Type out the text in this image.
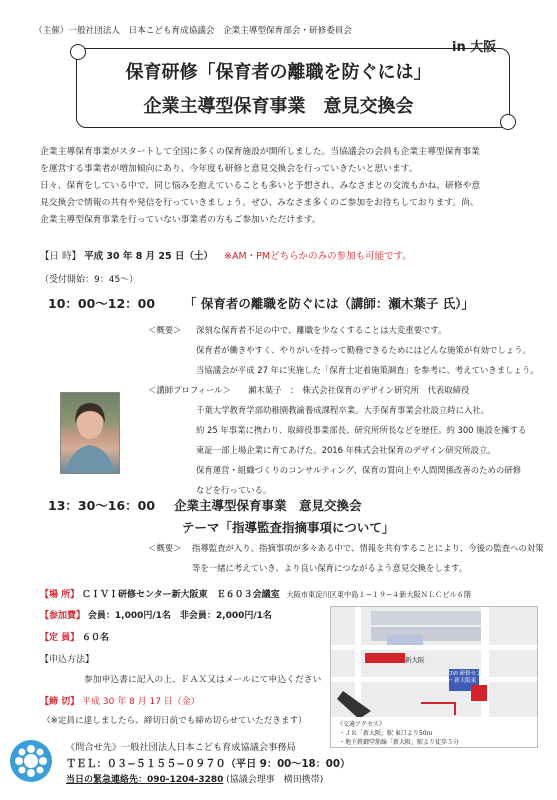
（主催）一般社団法人　日本こども育成協議会　企業主導型保育部会・研修委員会
in 大阪
保育研修「保育者の離職を防ぐには」
企業主導型保育事業　意見交換会
企業主導保育事業がスタートして全国に多くの保育施設が開所しました。当協議会の会員も企業主導型保育事業
を運営する事業者が増加傾向にあり、今年度も研修と意見交換会を行っていきたいと思います。
日々、保育をしている中で、同じ悩みを抱えていることも多いと予想され、みなさまとの交流もかね、研修や意
見交換会で情報の共有や発信を行っていきましょう。ぜひ、みなさま多くのご参加をお待ちしております。尚、
企業主導型保育事業を行っていない事業者の方もご参加いただけます。
【日 時】 平成 30 年 8 月 25 日（土） ※AM・PMどちらかのみの参加も可能です。
（受付開始：9：45〜）
10：00〜12：00 「 保育者の離職を防ぐには（講師：瀬木葉子 氏）」
＜概要＞ 深刻な保育者不足の中で、離職を少なくすることは大変重要です。
保育者が働きやすく、やりがいを持って勤務できるためにはどんな施策が有効でしょう。
当協議会が平成 27 年に実施した「保育士定着施策調査」を参考に、考えていきましょう。
＜講師プロフィール＞ 瀬木葉子　：　株式会社保育のデザイン研究所　代表取締役
千葉大学教育学部幼稚園教諭養成課程卒業。大手保育事業会社設立時に入社。
約 25 年事業に携わり、取締役事業部長、研究所所長などを歴任。約 300 施設を擁する
東証一部上場企業に育てあげた。2016 年株式会社保育のデザイン研究所設立。
保育運営・組織づくりのコンサルティング、保育の質向上や人間関係改善のための研修
などを行っている。
13：30〜16：00 企業主導型保育事業　意見交換会
テーマ「指導監査指摘事項について」
＜概要＞ 指導監査が入り、指摘事項が多々ある中で、情報を共有することにより、今後の監査への対策
等を一緒に考えていき、より良い保育につながるよう意見交換をします。
【場 所】 ＣＩＶＩ研修センター新大阪東　Ｅ６０３会議室 大阪市東淀川区東中島１−１９−４新大阪ＮＬＣビル６階
【参加費】 会員：1,000円/1名　非会員：2,000円/1名
【定 員】 ６０名
【申込方法】
参加申込書に記入の上、ＦＡＸ又はメールにて申込ください
【締 切】 平成 30 年 8 月 17 日（金）
（※定員に達しましたら、締切日前でも締め切らせていただきます）
《問合せ先》一般社団法人日本こども育成協議会事務局
ＴＥＬ：０３−５１５５−０９７０（平日 9：00〜18：00）
当日の緊急連絡先：090-1204-3280 (協議会理事　横田携帯)
新大阪
CIVI 研修センター 新大阪東
《交通アクセス》
・ＪＲ「新大阪」駅 東口より50ｍ
・地下鉄御堂筋線「新大阪」駅より徒歩５分
